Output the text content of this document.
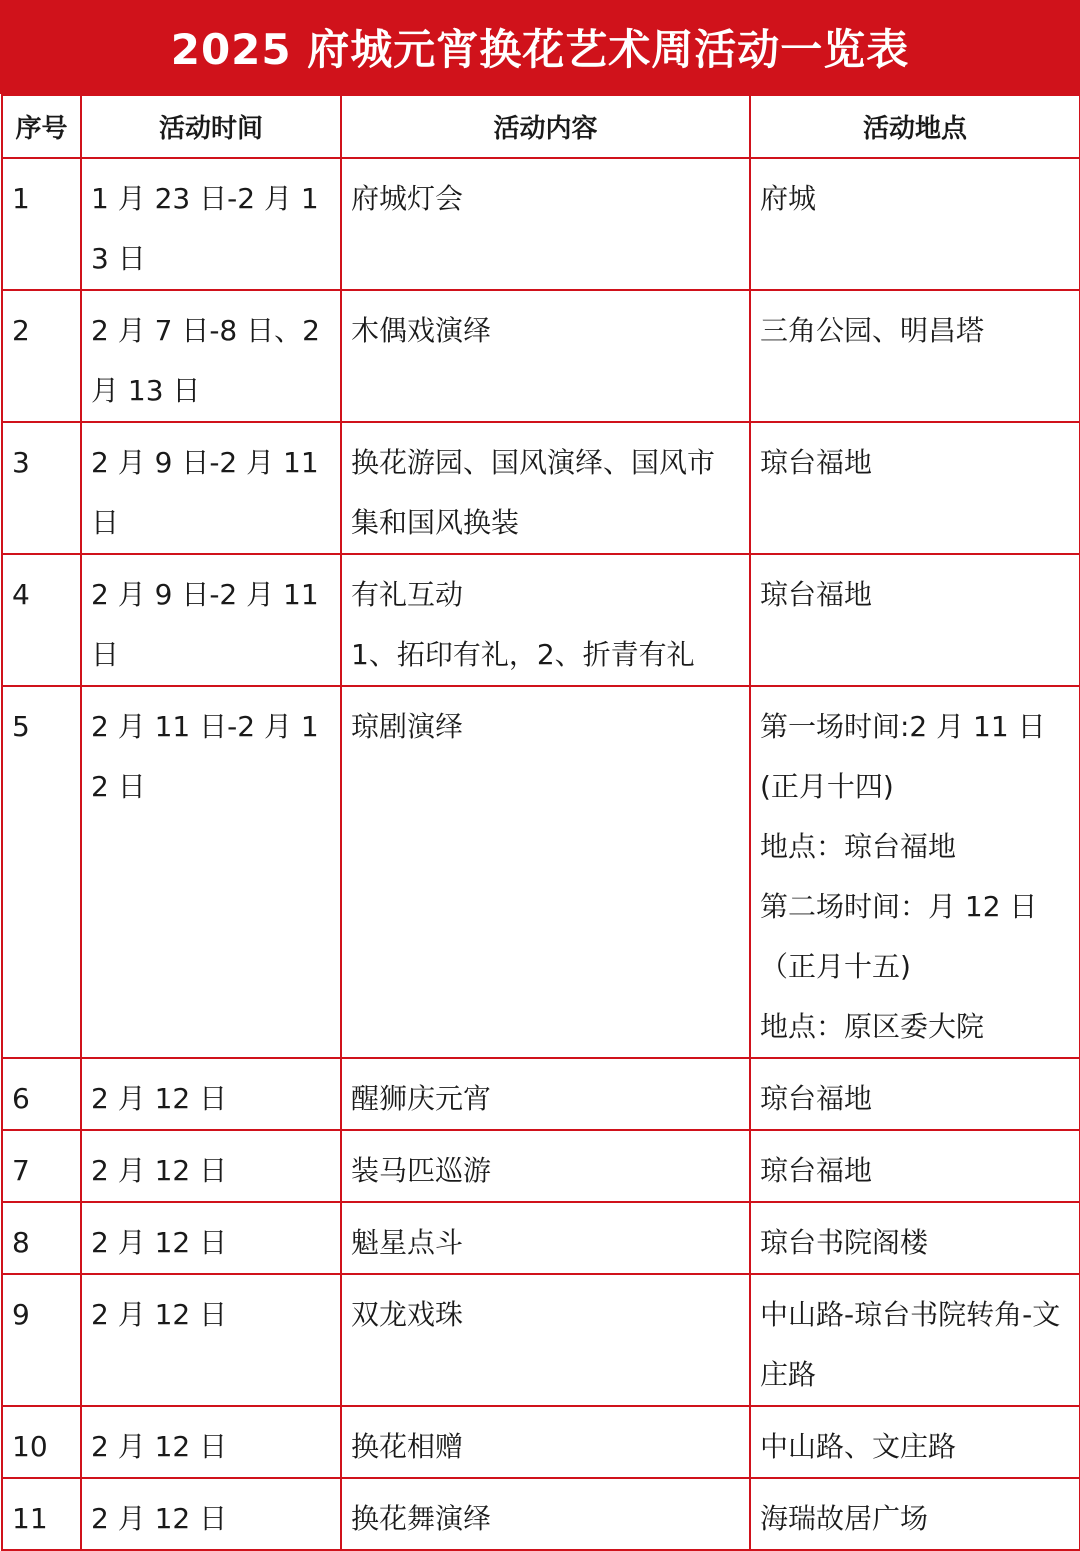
2025 府城元宵换花艺术周活动一览表
序号	活动时间	活动内容	活动地点
1	1 月 23 日-2 月 13 日	府城灯会	府城

2	2 月 7 日-8 日、2 月 13 日	木偶戏演绎	三角公园、明昌塔

3	2 月 9 日-2 月 11 日	换花游园、国风演绎、国风市集和国风换装	琼台福地

4	2 月 9 日-2 月 11 日	有礼互动
1、拓印有礼，2、折青有礼	琼台福地

5	2 月 11 日-2 月 12 日	琼剧演绎	第一场时间:2 月 11 日(正月十四)
地点：琼台福地
第二场时间：月 12 日（正月十五)
地点：原区委大院

6	2 月 12 日	醒狮庆元宵	琼台福地

7	2 月 12 日	装马匹巡游	琼台福地

8	2 月 12 日	魁星点斗	琼台书院阁楼

9	2 月 12 日	双龙戏珠	中山路-琼台书院转角-文庄路

10	2 月 12 日	换花相赠	中山路、文庄路

11	2 月 12 日	换花舞演绎	海瑞故居广场
